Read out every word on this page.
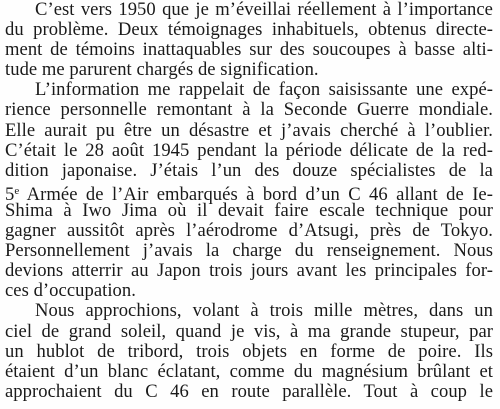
C’est vers 1950 que je m’éveillai réellement à l’importance
du problème. Deux témoignages inhabituels, obtenus directe-
ment de témoins inattaquables sur des soucoupes à basse alti-
tude me parurent chargés de signification.
L’information me rappelait de façon saisissante une expé-
rience personnelle remontant à la Seconde Guerre mondiale.
Elle aurait pu être un désastre et j’avais cherché à l’oublier.
C’était le 28 août 1945 pendant la période délicate de la red-
dition japonaise. J’étais l’un des douze spécialistes de la
5e Armée de l’Air embarqués à bord d’un C 46 allant de Ie-
Shima à Iwo Jima où il devait faire escale technique pour
gagner aussitôt après l’aérodrome d’Atsugi, près de Tokyo.
Personnellement j’avais la charge du renseignement. Nous
devions atterrir au Japon trois jours avant les principales for-
ces d’occupation.
Nous approchions, volant à trois mille mètres, dans un
ciel de grand soleil, quand je vis, à ma grande stupeur, par
un hublot de tribord, trois objets en forme de poire. Ils
étaient d’un blanc éclatant, comme du magnésium brûlant et
approchaient du C 46 en route parallèle. Tout à coup le
